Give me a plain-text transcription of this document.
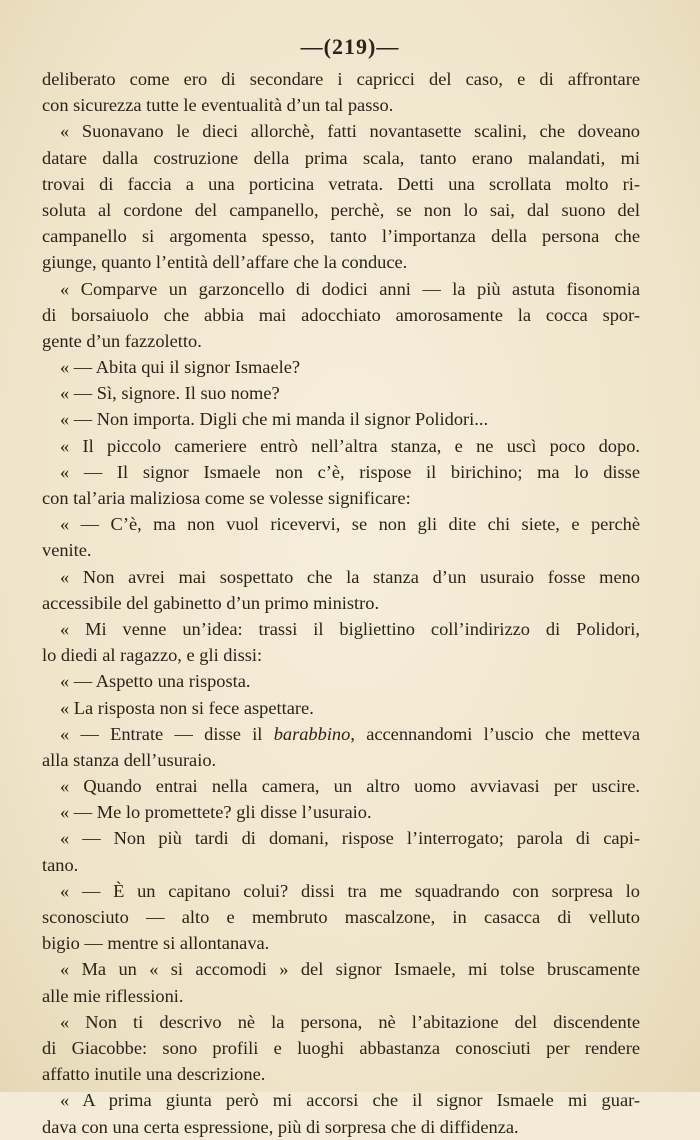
—(219)—
deliberato come ero di secondare i capricci del caso, e di affrontare
con sicurezza tutte le eventualità d’un tal passo.
« Suonavano le dieci allorchè, fatti novantasette scalini, che doveano
datare dalla costruzione della prima scala, tanto erano malandati, mi
trovai di faccia a una porticina vetrata. Detti una scrollata molto ri-
soluta al cordone del campanello, perchè, se non lo sai, dal suono del
campanello si argomenta spesso, tanto l’importanza della persona che
giunge, quanto l’entità dell’affare che la conduce.
« Comparve un garzoncello di dodici anni — la più astuta fisonomia
di borsaiuolo che abbia mai adocchiato amorosamente la cocca spor-
gente d’un fazzoletto.
« — Abita qui il signor Ismaele?
« — Sì, signore. Il suo nome?
« — Non importa. Digli che mi manda il signor Polidori...
« Il piccolo cameriere entrò nell’altra stanza, e ne uscì poco dopo.
« — Il signor Ismaele non c’è, rispose il birichino; ma lo disse
con tal’aria maliziosa come se volesse significare:
« — C’è, ma non vuol ricevervi, se non gli dite chi siete, e perchè
venite.
« Non avrei mai sospettato che la stanza d’un usuraio fosse meno
accessibile del gabinetto d’un primo ministro.
« Mi venne un’idea: trassi il bigliettino coll’indirizzo di Polidori,
lo diedi al ragazzo, e gli dissi:
« — Aspetto una risposta.
« La risposta non si fece aspettare.
« — Entrate — disse il barabbino, accennandomi l’uscio che metteva
alla stanza dell’usuraio.
« Quando entrai nella camera, un altro uomo avviavasi per uscire.
« — Me lo promettete? gli disse l’usuraio.
« — Non più tardi di domani, rispose l’interrogato; parola di capi-
tano.
« — È un capitano colui? dissi tra me squadrando con sorpresa lo
sconosciuto — alto e membruto mascalzone, in casacca di velluto
bigio — mentre si allontanava.
« Ma un « si accomodi » del signor Ismaele, mi tolse bruscamente
alle mie riflessioni.
« Non ti descrivo nè la persona, nè l’abitazione del discendente
di Giacobbe: sono profili e luoghi abbastanza conosciuti per rendere
affatto inutile una descrizione.
« A prima giunta però mi accorsi che il signor Ismaele mi guar-
dava con una certa espressione, più di sorpresa che di diffidenza.
